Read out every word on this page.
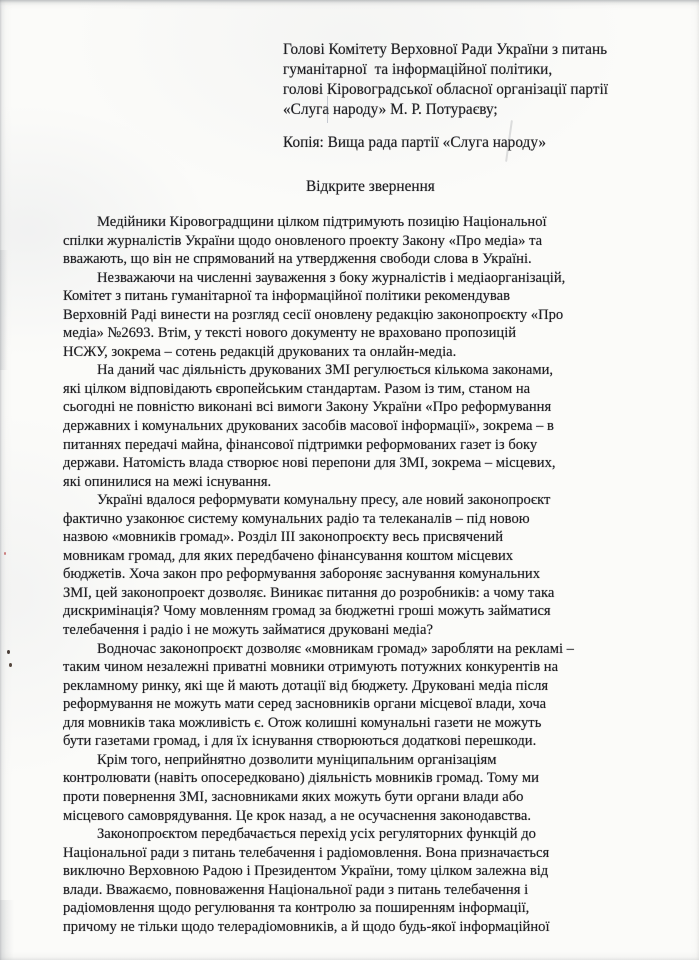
Голові Комітету Верховної Ради України з питань
гуманітарної  та інформаційної політики,
голові Кіровоградської обласної організації партії
«Слуга народу» М. Р. Потураєву;
Копія: Вища рада партії «Слуга народу»
Відкрите звернення
Медійники Кіровоградщини цілком підтримують позицію Національної
спілки журналістів України щодо оновленого проекту Закону «Про медіа» та
вважають, що він не спрямований на утвердження свободи слова в Україні.
Незважаючи на численні зауваження з боку журналістів і медіаорганізацій,
Комітет з питань гуманітарної та інформаційної політики рекомендував
Верховній Раді винести на розгляд сесії оновлену редакцію законопроєкту «Про
медіа» №2693. Втім, у тексті нового документу не враховано пропозицій
НСЖУ, зокрема – сотень редакцій друкованих та онлайн-медіа.
На даний час діяльність друкованих ЗМІ регулюється кількома законами,
які цілком відповідають європейським стандартам. Разом із тим, станом на
сьогодні не повністю виконані всі вимоги Закону України «Про реформування
державних і комунальних друкованих засобів масової інформації», зокрема – в
питаннях передачі майна, фінансової підтримки реформованих газет із боку
держави. Натомість влада створює нові перепони для ЗМІ, зокрема – місцевих,
які опинилися на межі існування.
Україні вдалося реформувати комунальну пресу, але новий законопроєкт
фактично узаконює систему комунальних радіо та телеканалів – під новою
назвою «мовників громад». Розділ ІІІ законопроєкту весь присвячений
мовникам громад, для яких передбачено фінансування коштом місцевих
бюджетів. Хоча закон про реформування забороняє заснування комунальних
ЗМІ, цей законопроект дозволяє. Виникає питання до розробників: а чому така
дискримінація? Чому мовленням громад за бюджетні гроші можуть займатися
телебачення і радіо і не можуть займатися друковані медіа?
Водночас законопроєкт дозволяє «мовникам громад» заробляти на рекламі –
таким чином незалежні приватні мовники отримують потужних конкурентів на
рекламному ринку, які ще й мають дотації від бюджету. Друковані медіа після
реформування не можуть мати серед засновників органи місцевої влади, хоча
для мовників така можливість є. Отож колишні комунальні газети не можуть
бути газетами громад, і для їх існування створюються додаткові перешкоди.
Крім того, неприйнятно дозволити муніципальним організаціям
контролювати (навіть опосередковано) діяльність мовників громад. Тому ми
проти повернення ЗМІ, засновниками яких можуть бути органи влади або
місцевого самоврядування. Це крок назад, а не осучаснення законодавства.
Законопроєктом передбачається перехід усіх регуляторних функцій до
Національної ради з питань телебачення і радіомовлення. Вона призначається
виключно Верховною Радою і Президентом України, тому цілком залежна від
влади. Вважаємо, повноваження Національної ради з питань телебачення і
радіомовлення щодо регулювання та контролю за поширенням інформації,
причому не тільки щодо телерадіомовників, а й щодо будь-якої інформаційної
